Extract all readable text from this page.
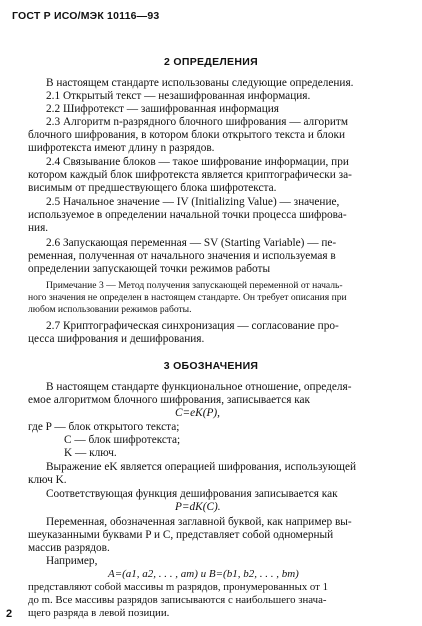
ГОСТ Р ИСО/МЭК 10116—93
2 ОПРЕДЕЛЕНИЯ
В настоящем стандарте использованы следующие определения.
2.1 Открытый текст — незашифрованная информация.
2.2 Шифротекст — зашифрованная информация
2.3 Алгоритм n-разрядного блочного шифрования — алгоритм
блочного шифрования, в котором блоки открытого текста и блоки
шифротекста имеют длину n разрядов.
2.4 Связывание блоков — такое шифрование информации, при
котором каждый блок шифротекста является криптографически за-
висимым от предшествующего блока шифротекста.
2.5 Начальное значение — IV (Initializing Value) — значение,
используемое в определении начальной точки процесса шифрова-
ния.
2.6 Запускающая переменная — SV (Starting Variable) — пе-
ременная, полученная от начального значения и используемая в
определении запускающей точки режимов работы
Примечание 3 — Метод получения запускающей переменной от началь-
ного значения не определен в настоящем стандарте. Он требует описания при
любом использовании режимов работы.
2.7 Криптографическая синхронизация — согласование про-
цесса шифрования и дешифрования.
3 ОБОЗНАЧЕНИЯ
В настоящем стандарте функциональное отношение, определя-
емое алгоритмом блочного шифрования, записывается как
C=eK(P),
где P — блок открытого текста;
C — блок шифротекста;
K — ключ.
Выражение eK является операцией шифрования, использующей
ключ K.
Соответствующая функция дешифрования записывается как
P=dK(C).
Переменная, обозначенная заглавной буквой, как например вы-
шеуказанными буквами P и C, представляет собой одномерный
массив разрядов.
Например,
A=(a1, a2, . . . , am) и B=(b1, b2, . . . , bm)
представляют собой массивы m разрядов, пронумерованных от 1
до m. Все массивы разрядов записываются с наибольшего знача-
щего разряда в левой позиции.
2
